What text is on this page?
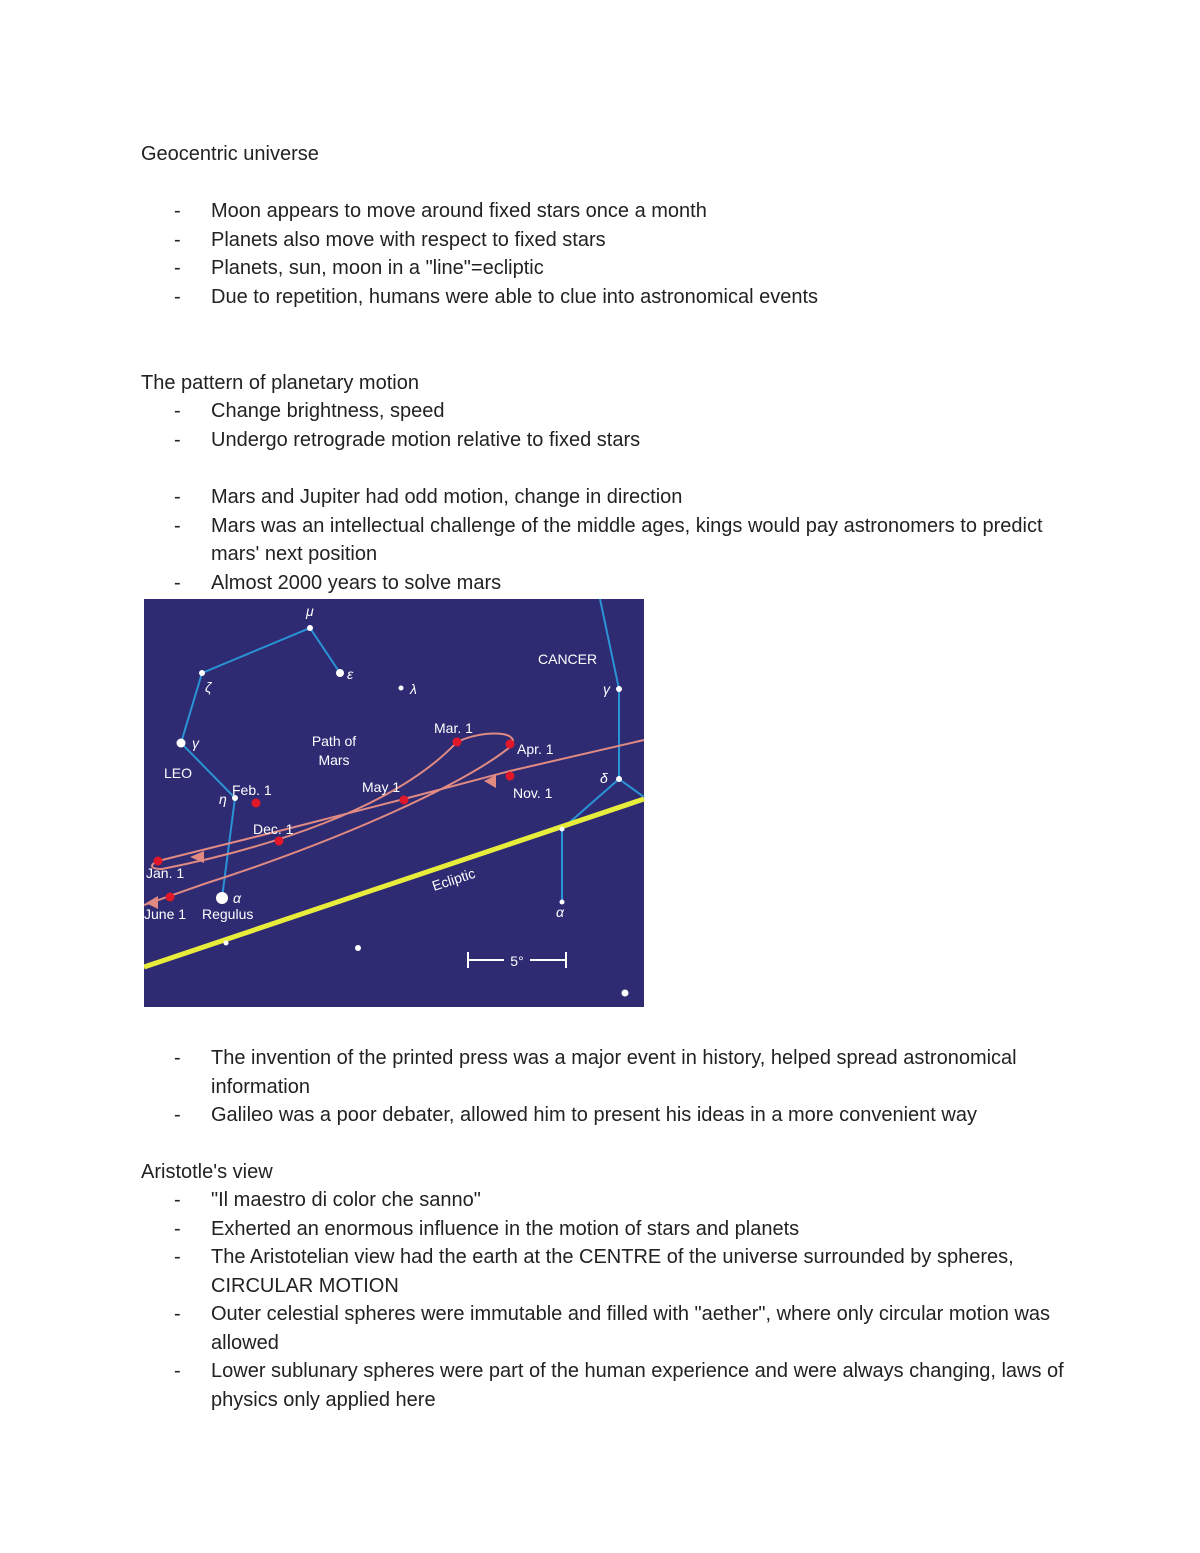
Geocentric universe

- Moon appears to move around fixed stars once a month
- Planets also move with respect to fixed stars
- Planets, sun, moon in a "line"=ecliptic
- Due to repetition, humans were able to clue into astronomical events

The pattern of planetary motion

- Change brightness, speed
- Undergo retrograde motion relative to fixed stars
- Mars and Jupiter had odd motion, change in direction
- Mars was an intellectual challenge of the middle ages, kings would pay astronomers to predict mars' next position
- Almost 2000 years to solve mars
Path of
Mars
LEO
CANCER
Regulus
5°
Ecliptic
Jan. 1
Feb. 1
Mar. 1
Apr. 1
May 1
June 1
Nov. 1
Dec. 1
μ
ε
λ
ζ
γ
η
α
γ
δ
α
- The invention of the printed press was a major event in history, helped spread astronomical information
- Galileo was a poor debater, allowed him to present his ideas in a more convenient way

Aristotle's view

- "Il maestro di color che sanno"
- Exherted an enormous influence in the motion of stars and planets
- The Aristotelian view had the earth at the CENTRE of the universe surrounded by spheres, CIRCULAR MOTION
- Outer celestial spheres were immutable and filled with "aether", where only circular motion was allowed
- Lower sublunary spheres were part of the human experience and were always changing, laws of physics only applied here
